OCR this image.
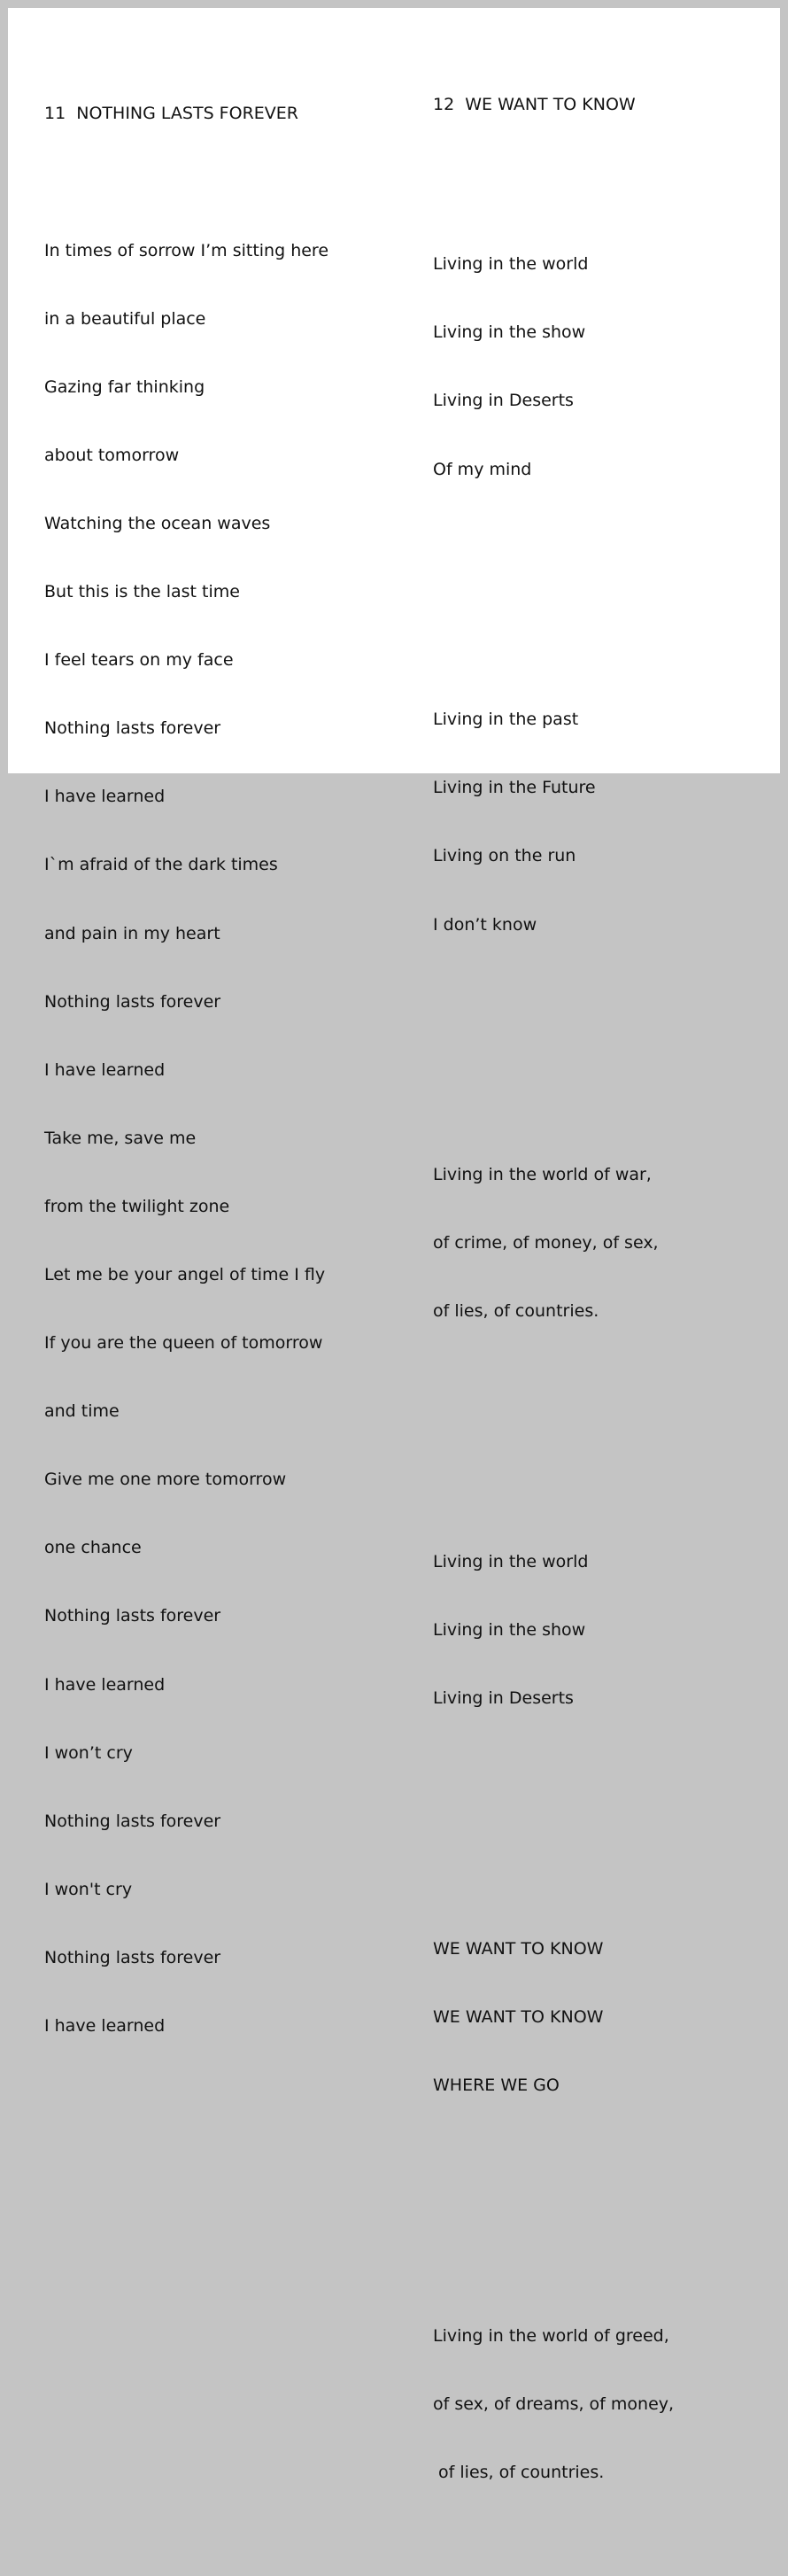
11  NOTHING LASTS FOREVER

In times of sorrow I’m sitting here

in a beautiful place

Gazing far thinking

about tomorrow

Watching the ocean waves

But this is the last time

I feel tears on my face

Nothing lasts forever

I have learned

I`m afraid of the dark times

and pain in my heart

Nothing lasts forever

I have learned

Take me, save me

from the twilight zone

Let me be your angel of time I fly

If you are the queen of tomorrow

and time

Give me one more tomorrow

one chance

Nothing lasts forever

I have learned

I won’t cry

Nothing lasts forever

I won't cry

Nothing lasts forever

I have learned

12  WE WANT TO KNOW

Living in the world

Living in the show

Living in Deserts

Of my mind

Living in the past

Living in the Future

Living on the run

I don’t know

Living in the world of war,

of crime, of money, of sex,

of lies, of countries.

Living in the world

Living in the show

Living in Deserts

WE WANT TO KNOW

WE WANT TO KNOW

WHERE WE GO

Living in the world of greed,

of sex, of dreams, of money,

of lies, of countries.
